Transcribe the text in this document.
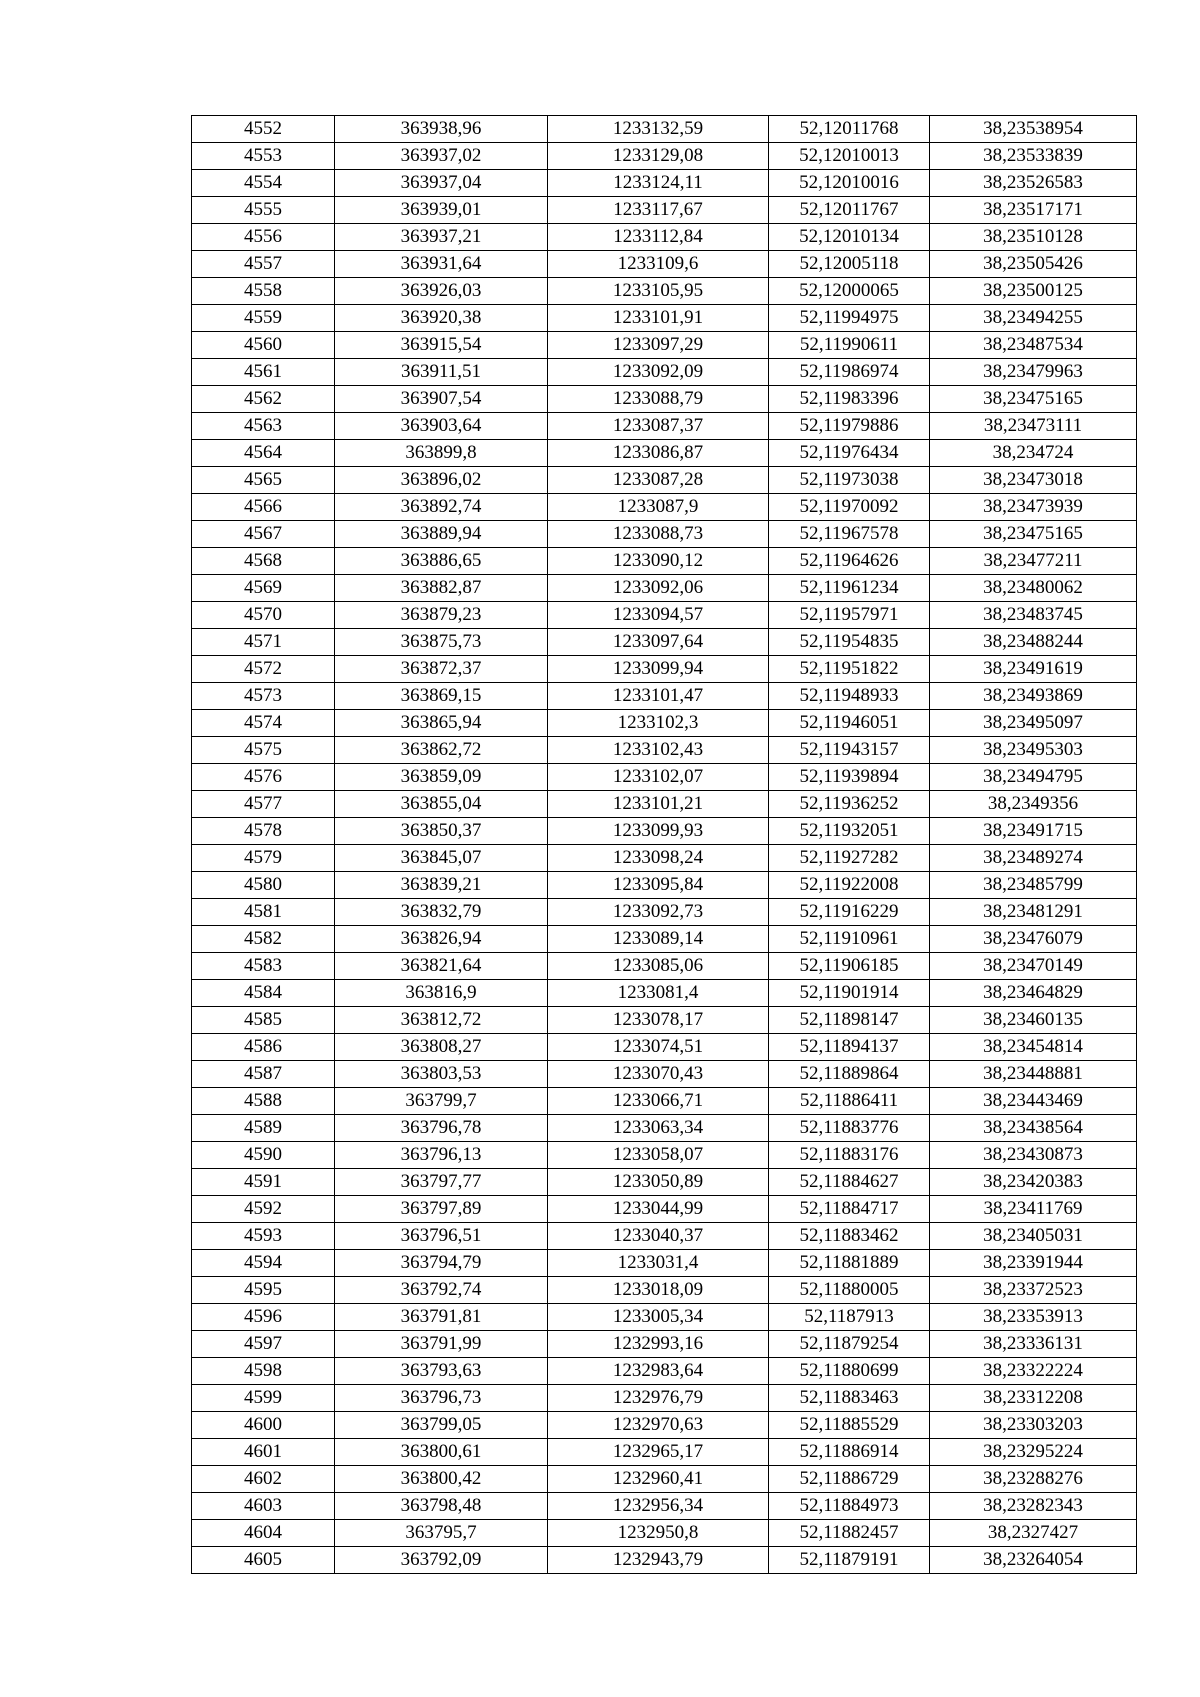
4552	363938,96	1233132,59	52,12011768	38,23538954
4553	363937,02	1233129,08	52,12010013	38,23533839
4554	363937,04	1233124,11	52,12010016	38,23526583
4555	363939,01	1233117,67	52,12011767	38,23517171
4556	363937,21	1233112,84	52,12010134	38,23510128
4557	363931,64	1233109,6	52,12005118	38,23505426
4558	363926,03	1233105,95	52,12000065	38,23500125
4559	363920,38	1233101,91	52,11994975	38,23494255
4560	363915,54	1233097,29	52,11990611	38,23487534
4561	363911,51	1233092,09	52,11986974	38,23479963
4562	363907,54	1233088,79	52,11983396	38,23475165
4563	363903,64	1233087,37	52,11979886	38,23473111
4564	363899,8	1233086,87	52,11976434	38,234724
4565	363896,02	1233087,28	52,11973038	38,23473018
4566	363892,74	1233087,9	52,11970092	38,23473939
4567	363889,94	1233088,73	52,11967578	38,23475165
4568	363886,65	1233090,12	52,11964626	38,23477211
4569	363882,87	1233092,06	52,11961234	38,23480062
4570	363879,23	1233094,57	52,11957971	38,23483745
4571	363875,73	1233097,64	52,11954835	38,23488244
4572	363872,37	1233099,94	52,11951822	38,23491619
4573	363869,15	1233101,47	52,11948933	38,23493869
4574	363865,94	1233102,3	52,11946051	38,23495097
4575	363862,72	1233102,43	52,11943157	38,23495303
4576	363859,09	1233102,07	52,11939894	38,23494795
4577	363855,04	1233101,21	52,11936252	38,2349356
4578	363850,37	1233099,93	52,11932051	38,23491715
4579	363845,07	1233098,24	52,11927282	38,23489274
4580	363839,21	1233095,84	52,11922008	38,23485799
4581	363832,79	1233092,73	52,11916229	38,23481291
4582	363826,94	1233089,14	52,11910961	38,23476079
4583	363821,64	1233085,06	52,11906185	38,23470149
4584	363816,9	1233081,4	52,11901914	38,23464829
4585	363812,72	1233078,17	52,11898147	38,23460135
4586	363808,27	1233074,51	52,11894137	38,23454814
4587	363803,53	1233070,43	52,11889864	38,23448881
4588	363799,7	1233066,71	52,11886411	38,23443469
4589	363796,78	1233063,34	52,11883776	38,23438564
4590	363796,13	1233058,07	52,11883176	38,23430873
4591	363797,77	1233050,89	52,11884627	38,23420383
4592	363797,89	1233044,99	52,11884717	38,23411769
4593	363796,51	1233040,37	52,11883462	38,23405031
4594	363794,79	1233031,4	52,11881889	38,23391944
4595	363792,74	1233018,09	52,11880005	38,23372523
4596	363791,81	1233005,34	52,1187913	38,23353913
4597	363791,99	1232993,16	52,11879254	38,23336131
4598	363793,63	1232983,64	52,11880699	38,23322224
4599	363796,73	1232976,79	52,11883463	38,23312208
4600	363799,05	1232970,63	52,11885529	38,23303203
4601	363800,61	1232965,17	52,11886914	38,23295224
4602	363800,42	1232960,41	52,11886729	38,23288276
4603	363798,48	1232956,34	52,11884973	38,23282343
4604	363795,7	1232950,8	52,11882457	38,2327427
4605	363792,09	1232943,79	52,11879191	38,23264054
